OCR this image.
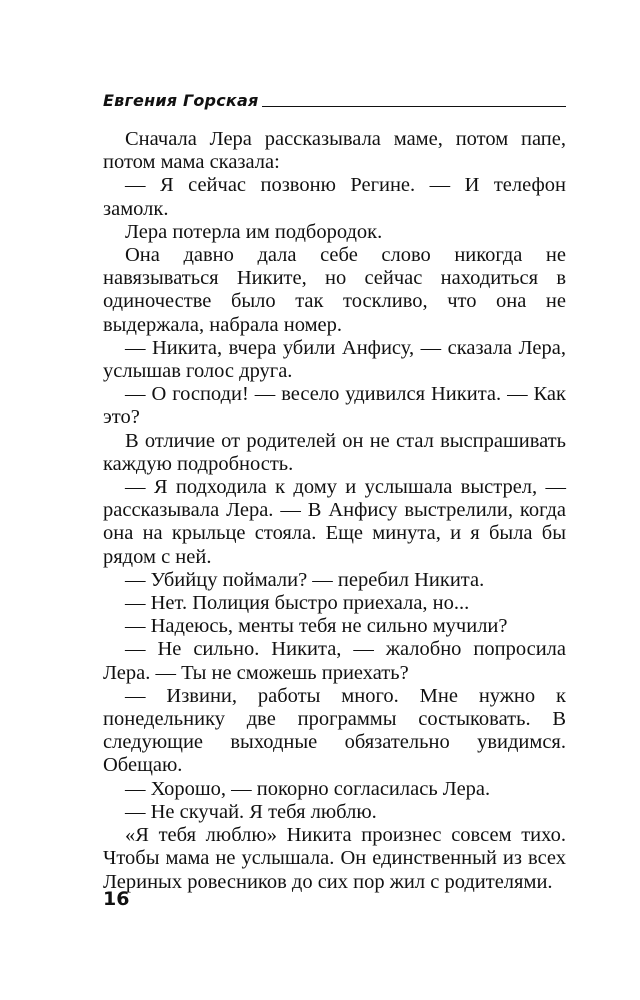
Евгения Горская

Сначала Лера рассказывала маме, потом папе, потом мама сказала:

— Я сейчас позвоню Регине. — И телефон замолк.

Лера потерла им подбородок.

Она давно дала себе слово никогда не навязываться Никите, но сейчас находиться в одиночестве было так тоскливо, что она не выдержала, набрала номер.

— Никита, вчера убили Анфису, — сказала Лера, услышав голос друга.

— О господи! — весело удивился Никита. — Как это?

В отличие от родителей он не стал выспрашивать каждую подробность.

— Я подходила к дому и услышала выстрел, — рассказывала Лера. — В Анфису выстрелили, когда она на крыльце стояла. Еще минута, и я была бы рядом с ней.

— Убийцу поймали? — перебил Никита.

— Нет. Полиция быстро приехала, но...

— Надеюсь, менты тебя не сильно мучили?

— Не сильно. Никита, — жалобно попросила Лера. — Ты не сможешь приехать?

— Извини, работы много. Мне нужно к понедельнику две программы состыковать. В следующие выходные обязательно увидимся. Обещаю.

— Хорошо, — покорно согласилась Лера.

— Не скучай. Я тебя люблю.

«Я тебя люблю» Никита произнес совсем тихо. Чтобы мама не услышала. Он единственный из всех Лериных ровесников до сих пор жил с родителями.

16
